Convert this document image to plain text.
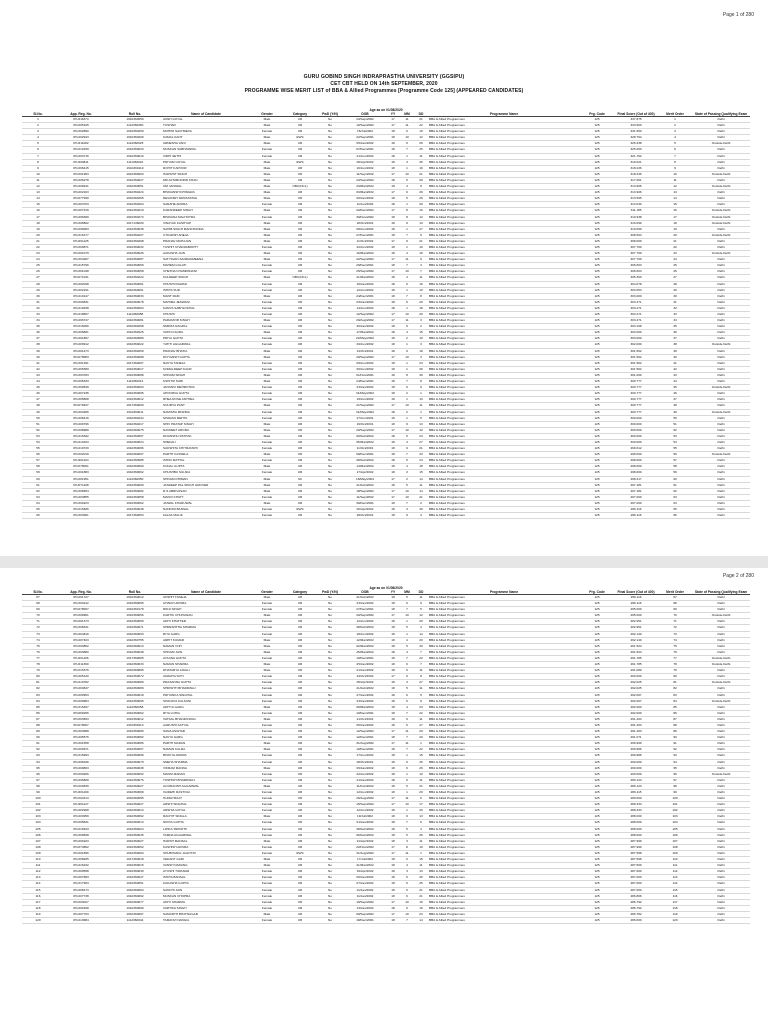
Page 1 of 280
GURU GOBIND SINGH INDRAPRASTHA UNIVERSITY (GGSIPU)
CET CBT HELD ON 14th SEPTEMBER, 2020
PROGRAMME WISE MERIT LIST of BBA & Allied Programmes [Programme Code 125] (APPEARED CANDIDATES)
							Age as on 01/08/2020								
Sl.No.	App. Reg. No.	Roll No.	Name of Candidate	Gender	Category	PwD (Y/N)	DOB	YY	MM	DD	Programme Name	Prg. Code	Final Score (Out of 400)	Merit Order	State of Passing Qualifying Exam
1	IPU211874	1910360059	ANSH GOYAL	Male	UR	No	23/Sep/2002	17	11	21	BBA & Allied Programmes	125	337.875	1	Delhi
2	IPU205165	1112360060	TUSHAR	Male	UR	No	10/Sep/2002	17	11	22	BBA & Allied Programmes	125	333.500	2	Delhi
3	IPU202890	1910360259	MOHINI SACHDEVA	Female	UR	No	15/Jul/2002	18	0	19	BBA & Allied Programmes	125	331.650	3	Delhi
4	IPU202943	1910360209	KAMAL KANT	Male	EWS	No	22/Sep/2001	18	10	12	BBA & Allied Programmes	125	328.764	4	Delhi
5	IPU211082	1112360025	ARNESHA VANI	Male	UR	No	05/Jan/2002	18	6	26	BBA & Allied Programmes	125	325.338	5	Outside Delhi
6	IPU210159	1910360033	MUSKAN SABHARWAL	Female	UR	No	07/Dec/2001	18	7	25	BBA & Allied Programmes	125	325.000	6	Delhi
7	IPU204716	1910360016	VIDHI SETHI	Female	UR	No	21/Jun/2002	18	1	11	BBA & Allied Programmes	125	321.762	7	Delhi
8	IPU209811	1111360022	PRIYAM GOYAL	Male	EWS	No	06/Apr/2002	18	3	26	BBA & Allied Programmes	125	319.621	8	Delhi
9	IPU206415	1910360119	ROHIT KAPOOR	Male	UR	No	16/Jun/2002	18	1	16	BBA & Allied Programmes	125	318.236	9	Delhi
10	IPU201963	1910360093	HARSHIT SINGH	Male	UR	No	11/Sep/2002	17	10	21	BBA & Allied Programmes	125	318.236	10	Outside Delhi
11	IPU206278	1910360027	MD AFTABUDDIN KHAN	Male	UR	No	23/Sep/2002	18	5	29	BBA & Allied Programmes	125	317.061	11	Delhi
12	IPU208241	1910360051	OM JAISWAL	Male	OBC(NCL)	No	23/Mar/2002	18	4	9	BBA & Allied Programmes	125	313.906	12	Outside Delhi
13	IPU202103	1910360224	BHAVANSH DHINGRA	Male	UR	No	03/Mar/2002	17	6	29	BBA & Allied Programmes	125	313.906	13	Delhi
14	IPU077930	1910360265	DEVANSH SRIVASTAVA	Male	UR	No	06/Jan/2002	18	5	26	BBA & Allied Programmes	125	313.595	14	Delhi
15	IPU204703	1910360264	SARAHE ARORA	Female	UR	No	11/Jun/2002	18	1	20	BBA & Allied Programmes	125	313.030	15	Delhi
16	IPU207319	1610360219	KARANDEEP SINGH	Male	UR	No	22/Dec/2002	17	8	10	BBA & Allied Programmes	125	311.185	16	Outside Delhi
17	IPU206399	1910360274	BHAVANA MALHOTRA	Female	UR	No	30/Nov/2002	18	8	12	BBA & Allied Programmes	125	310.938	17	Outside Delhi
18	IPU206802	1917136000	VINAYAK KASHYAP	Male	UR	No	18/Oct/2001	18	9	13	BBA & Allied Programmes	125	310.099	18	Outside Delhi
19	IPU206083	1910360038	SAHIB SINGH MANCHANDA	Male	UR	No	08/Jun/2002	18	1	27	BBA & Allied Programmes	125	310.099	19	Delhi
20	IPU216177	1910360227	UTKARSH ANEJA	Male	UR	No	27/Dec/2001	18	7	5	BBA & Allied Programmes	125	308.594	20	Outside Delhi
21	IPU201125	1910360298	PRANAV MAHAJAN	Male	UR	No	11/Oct/2002	17	9	21	BBA & Allied Programmes	125	308.000	21	Delhi
22	IPU200871	1910360032	TUSHIT CHAKRABORTY	Female	UR	No	22/Jun/2002	18	1	10	BBA & Allied Programmes	125	307.769	22	Delhi
23	IPU201079	1910360026	AAKASHA JAIN	Male	UR	No	16/Mar/2002	18	4	16	BBA & Allied Programmes	125	307.769	23	Outside Delhi
24	IPU204287	1910360087	SATYAVAN SANDANMEENA	Male	UR	No	22/Sep/2002	17	11	9	BBA & Allied Programmes	125	307.769	24	Delhi
25	IPU215796	1910360069	MAHEM GULATI	Female	UR	No	29/Dec/2001	18	7	3	BBA & Allied Programmes	125	306.603	25	Delhi
26	IPU201048	1910360058	CHETNA CHAMPANANI	Female	UR	No	25/Sep/2002	17	10	7	BBA & Allied Programmes	125	306.603	26	Delhi
27	IPU071031	1910360222	KULDEEP SINGH	Male	OBC(NCL)	No	21/Mar/2002	18	4	11	BBA & Allied Programmes	125	305.300	27	Delhi
28	IPU202048	1910360061	KHUSHI RAWAR	Female	UR	No	16/Jan/2002	18	6	16	BBA & Allied Programmes	125	304.078	28	Delhi
29	IPU202191	1910360001	ISHITA SUD	Female	UR	No	12/Jun/2002	18	1	10	BBA & Allied Programmes	125	303.653	29	Delhi
30	IPU210147	1910360033	MANT RAM	Male	UR	No	24/Dec/2001	18	7	8	BBA & Allied Programmes	125	303.000	30	Delhi
31	IPU209831	1910360078	MAHIMA JESWANI	Female	UR	No	03/Jan/2002	18	6	29	BBA & Allied Programmes	125	303.271	31	Delhi
32	IPU210938	1910360093	KAMYA SABHLOKHAL	Female	UR	No	14/Jun/2002	18	1	18	BBA & Allied Programmes	125	303.271	32	Delhi
33	IPU218657	1111360058	KHUSHI	Female	UR	No	12/Sep/2002	17	10	20	BBA & Allied Programmes	125	303.271	33	Delhi
34	IPU206747	1910360081	PARAMVIR SINGH	Male	UR	No	29/Aug/2002	17	11	3	BBA & Allied Programmes	125	303.271	34	Delhi
35	IPU216066	1910360298	SMRITA NAGPAL	Female	UR	No	30/Jan/2002	18	6	2	BBA & Allied Programmes	125	303.108	35	Delhi
36	IPU206861	1910360225	VATIN KAURA	Male	UR	No	17/Mar/2002	18	4	15	BBA & Allied Programmes	125	303.000	36	Delhi
37	IPU201867	1910360089	PRIYA GUPTA	Female	UR	No	22/May/2002	18	2	10	BBA & Allied Programmes	125	303.000	37	Delhi
38	IPU209912	1910360022	YATITI AGGARWAL	Female	UR	No	29/Jun/2002	18	1	3	BBA & Allied Programmes	125	302.000	38	Outside Delhi
39	IPU201473	1910360259	PRANAV BHATIA	Male	UR	No	14/Oct/2001	18	9	18	BBA & Allied Programmes	125	301.562	39	Delhi
40	IPU078083	1910360088	DIVYANSH GUPTA	Male	UR	No	29/Sep/2002	17	10	3	BBA & Allied Programmes	125	301.562	40	Delhi
41	IPU201391	1917360067	NAVYA TANEJA	Female	UR	No	09/Jun/2002	18	1	23	BBA & Allied Programmes	125	301.562	41	Delhi
42	IPU205380	1910360017	KOMALDEEP KAUR	Female	UR	No	06/Jun/2002	18	1	26	BBA & Allied Programmes	125	301.562	42	Delhi
43	IPU203783	1910360088	SHIVAM SINGH	Male	UR	No	01/Nov/2001	18	8	30	BBA & Allied Programmes	125	301.000	43	Delhi
44	IPU205333	1111360014	KSHITIZ SURI	Male	UR	No	24/Dec/2001	18	7	8	BBA & Allied Programmes	125	300.777	44	Delhi
45	IPU200549	1910360093	JAHANVI MEHROTRA	Female	UR	No	23/Jan/2002	18	6	9	BBA & Allied Programmes	125	300.777	45	Outside Delhi
46	IPU207235	1910360095	APOORVA GUPTA	Female	UR	No	31/May/2002	18	2	1	BBA & Allied Programmes	125	300.777	46	Delhi
47	IPU205868	1910360012	RHEA ROSE ANTHEA	Female	UR	No	19/Jun/2002	18	1	13	BBA & Allied Programmes	125	300.777	47	Delhi
48	IPU078437	1917360009	SOUMYA PANT	Male	UR	No	21/Sep/2002	17	10	11	BBA & Allied Programmes	125	300.777	48	Delhi
49	IPU203486	1910360011	NAMISHA MISHRA	Female	UR	No	31/May/2002	18	2	1	BBA & Allied Programmes	125	300.777	49	Outside Delhi
50	IPU206416	1910360244	SHARAN MEHTA	Female	UR	No	27/Jun/2001	19	1	5	BBA & Allied Programmes	125	300.000	50	Delhi
51	IPU209796	1910360217	SHIV PRATAP SINGH	Male	UR	No	19/Oct/2001	18	9	13	BBA & Allied Programmes	125	300.000	51	Delhi
52	IPU208989	1910360075	NAVNEET ARORA	Male	UR	No	20/Sep/2002	17	10	12	BBA & Allied Programmes	125	300.000	52	Delhi
53	IPU216302	1910360067	DIVANSHU PATHAK	Male	UR	No	09/Feb/2002	18	5	23	BBA & Allied Programmes	125	300.000	53	Delhi
54	IPU210163	1910360024	SHEFALI	Female	UR	No	05/Mar/2002	18	4	27	BBA & Allied Programmes	125	300.000	54	Delhi
55	IPU219729	1910360096	SAKSHITA CHITRANSHI	Female	UR	No	11/Oct/2001	18	9	21	BBA & Allied Programmes	125	299.612	55	Delhi
56	IPU202019	1910360007	PARTH CASSELA	Male	UR	No	09/Dec/2001	18	7	23	BBA & Allied Programmes	125	299.000	56	Outside Delhi
57	IPU201104	1910360085	ISHIKI MATTAL	Female	UR	No	08/Feb/2002	18	5	24	BBA & Allied Programmes	125	298.000	57	Delhi
58	IPU078001	1910360060	KUNAL GUPTA	Male	UR	No	14/Mar/2002	18	4	18	BBA & Allied Programmes	125	298.000	58	Delhi
59	IPU201883	1910360062	KHUSHBU SULNIA	Female	UR	No	17/Apr/2002	18	3	15	BBA & Allied Programmes	125	298.000	59	Delhi
60	IPU201951	1112360050	SHIVAM DHIMAN	Male	SC	No	18/May/2003	17	2	14	BBA & Allied Programmes	125	298.417	60	Delhi
61	IPU071108	1910360009	JASDEEP PAL SINGH GROVER	Male	UR	No	21/Feb/2002	18	5	11	BBA & Allied Programmes	125	297.181	61	Delhi
62	IPU206654	1910360082	R.S.ABRIVASAN	Male	UR	No	18/Sep/2002	17	10	14	BBA & Allied Programmes	125	297.181	62	Delhi
63	IPU203855	1910360058	MANVI KHATT	Female	UR	No	11/Sep/2002	17	10	21	BBA & Allied Programmes	125	297.000	63	Delhi
64	IPU200223	1910360062	JAIWAL KHARUWAL	Male	UR	No	30/Dec/2001	18	7	2	BBA & Allied Programmes	125	297.000	64	Delhi
65	IPU215486	1910360048	NANDINI BANSAL	Female	EWS	No	02/Apr/2002	18	3	30	BBA & Allied Programmes	125	296.116	65	Delhi
66	IPU203961	1917360053	FALAK MALIK	Female	UR	No	29/Oct/2001	18	9	3	BBA & Allied Programmes	125	296.116	66	Delhi
Page 2 of 280
							Age as on 01/08/2020								
Sl.No.	App. Reg. No.	Roll No.	Name of Candidate	Gender	Category	PwD (Y/N)	DOB	YY	MM	DD	Programme Name	Prg. Code	Final Score (Out of 400)	Merit Order	State of Passing Qualifying Exam
67	IPU201727	1910360012	AKSHIT TANEJA	Male	UR	No	21/Feb/2002	18	5	11	BBA & Allied Programmes	125	296.116	67	Delhi
68	IPU203212	1910360065	CHARVI ARORA	Female	UR	No	23/Jan/2002	18	6	9	BBA & Allied Programmes	125	296.116	68	Delhi
69	IPU078007	1910360178	RIDJI SINGH	Female	UR	No	27/Dec/2001	18	7	5	BBA & Allied Programmes	125	295.000	69	Delhi
70	IPU209961	1910360056	KARTIK CHUHANAN	Male	UR	No	20/Sep/2002	17	10	12	BBA & Allied Programmes	125	295.000	70	Outside Delhi
71	IPU201373	1910360059	ADITI KHATTER	Female	UR	No	12/Jun/2002	18	1	20	BBA & Allied Programmes	125	292.951	71	Delhi
72	IPU206541	1910360071	SHRESHTHA SHARMA	Female	UR	No	28/Feb/2002	18	5	4	BBA & Allied Programmes	125	292.951	72	Delhi
73	IPU204816	1910360093	RIYA GARG	Female	UR	No	18/Jun/2002	18	1	14	BBA & Allied Programmes	125	292.140	73	Delhi
74	IPU207403	1910360755	ARPIT KUMAR	Male	UR	No	12/Mar/2002	18	4	20	BBA & Allied Programmes	125	292.140	74	Delhi
75	IPU203852	1910360013	NAMAN VIJH	Male	UR	No	02/Mar/2002	18	5	30	BBA & Allied Programmes	125	291.524	75	Delhi
76	IPU203880	1910360048	SHIVAM JAIN	Male	UR	No	25/Mar/2002	18	4	7	BBA & Allied Programmes	125	291.524	76	Delhi
77	IPU201106	1917360005	AYAANA GUPTA	Female	UR	No	10/Dec/2001	18	7	22	BBA & Allied Programmes	125	291.785	77	Outside Delhi
78	IPU211369	1910360033	NAMAN SHARMA	Male	UR	No	25/Jan/2002	18	6	7	BBA & Allied Programmes	125	291.785	78	Outside Delhi
79	IPU215376	1910360895	DHATARYA JAVALI	Male	UR	No	21/Jan/2002	18	6	11	BBA & Allied Programmes	125	291.089	79	Delhi
80	IPU205130	1910360072	ANAMYA SOTI	Female	UR	No	24/Oct/2002	17	9	8	BBA & Allied Programmes	125	290.000	80	Delhi
81	IPU210782	1910360089	PRASANNA GUPTA	Female	UR	No	05/Apr/2002	18	3	27	BBA & Allied Programmes	125	292.025	81	Outside Delhi
82	IPU203847	1910360080	SHRISHTI BHARDWAJ	Female	UR	No	21/Feb/2002	18	5	11	BBA & Allied Programmes	125	292.025	82	Delhi
83	IPU200953	1910360018	PRIYANKA SINGHAL	Female	UR	No	27/Jan/2002	18	6	5	BBA & Allied Programmes	125	292.067	83	Delhi
84	IPU209984	1910360095	SHANAYA KALKANI	Female	UR	No	23/Jan/2002	18	6	9	BBA & Allied Programmes	125	292.067	84	Outside Delhi
85	IPU215497	1112360058	ADITYA GARG	Male	UR	No	09/Mar/2002	18	4	23	BBA & Allied Programmes	125	292.000	85	Delhi
86	IPU069256	1910360062	RIYA LOHIA	Female	UR	No	10/Dec/2001	18	7	22	BBA & Allied Programmes	125	292.000	86	Delhi
87	IPU203563	1910360012	VATSAL BHANDUSING	Male	UR	No	21/Oct/2001	18	9	11	BBA & Allied Programmes	125	291.203	87	Delhi
88	IPU078007	1910360113	AARUSHI KATYAL	Female	UR	No	05/Jan/2002	18	6	27	BBA & Allied Programmes	125	291.203	88	Delhi
89	IPU204688	1910360089	SANA ASGHAR	Female	UR	No	12/Sep/2002	17	11	20	BBA & Allied Programmes	125	291.203	89	Delhi
90	IPU206576	1910360082	NAVYA GARG	Female	UR	No	12/Dec/2001	18	7	20	BBA & Allied Programmes	125	291.071	90	Delhi
91	IPU201558	1910360086	PARTH MADAN	Male	UR	No	31/Aug/2002	17	11	1	BBA & Allied Programmes	125	290.999	91	Delhi
92	IPU200971	1910360067	NAMAN KALRA	Male	UR	No	10/Dec/2001	18	7	22	BBA & Allied Programmes	125	290.986	92	Delhi
93	IPU215993	1910360096	BHAVYA ARORA	Female	UR	No	17/Jun/2002	18	1	15	BBA & Allied Programmes	125	290.986	93	Delhi
94	IPU208196	1910360079	SNEHA SHARMA	Female	UR	No	06/Oct/2001	18	9	26	BBA & Allied Programmes	125	290.000	94	Delhi
95	IPU209803	1910360038	VIKRAM MANNA	Male	UR	No	06/Jan/2002	18	6	26	BBA & Allied Programmes	125	290.000	95	Delhi
96	IPU209266	1910360002	MANSI MADAN	Female	UR	No	22/Jun/2002	18	1	10	BBA & Allied Programmes	125	290.000	96	Outside Delhi
97	IPU206808	1910360076	TOSHISH BHARDWAJ	Female	UR	No	21/Jan/2002	18	6	11	BBA & Allied Programmes	125	289.123	97	Delhi
98	IPU200639	1910360027	GOURANSH AGGARWAL	Male	UR	No	11/Feb/2002	18	5	21	BBA & Allied Programmes	125	289.123	98	Delhi
99	IPU201169	1910360068	VAIDEHI RASTOGI	Female	UR	No	12/Jun/2002	18	1	20	BBA & Allied Programmes	125	289.115	99	Delhi
100	IPU203413	1910360055	HUMAYRAAT	Female	UR	No	26/Aug/2002	17	11	6	BBA & Allied Programmes	125	289.000	100	Delhi
101	IPU201127	1910360027	ARSHI SINGHAL	Female	UR	No	15/Sep/2002	17	10	17	BBA & Allied Programmes	125	288.333	101	Delhi
102	IPU202908	1910360013	ARSHIA GOYAL	Female	UR	No	12/Jun/2002	18	1	20	BBA & Allied Programmes	125	288.333	102	Delhi
103	IPU203959	1910360062	RACHIT SINGLA	Male	UR	No	19/Jul/2002	18	0	13	BBA & Allied Programmes	125	288.000	103	Delhi
104	IPU205841	1910360013	NIKITA GUPTA	Female	UR	No	01/Jan/2002	18	7	0	BBA & Allied Programmes	125	288.000	104	Delhi
105	IPU216943	1910360024	LIPIKA TRIPATHI	Female	UR	No	28/Feb/2002	18	5	4	BBA & Allied Programmes	125	288.000	105	Delhi
106	IPU200848	1910360045	TAMNA AGGARWAL	Female	UR	No	06/Feb/2002	18	5	26	BBA & Allied Programmes	125	288.000	106	Delhi
107	IPU200103	1910360027	HARSH MANSAL	Male	UR	No	21/Apr/2002	18	3	11	BBA & Allied Programmes	125	287.999	107	Delhi
108	IPU074862	1910360052	KASHISH ARORA	Female	UR	No	22/Nov/2002	17	8	10	BBA & Allied Programmes	125	287.999	108	Delhi
109	IPU201896	1910360093	SHUBHANGI JAGOTRI	Female	EWS	No	31/Aug/2002	17	11	1	BBA & Allied Programmes	125	287.598	109	Delhi
110	IPU208205	1917360018	VEDANT GARI	Male	UR	No	17/Jul/2002	18	0	15	BBA & Allied Programmes	125	287.598	110	Delhi
111	IPU216232	1910360015	VANSH NARANG	Male	UR	No	21/Mar/2002	18	4	11	BBA & Allied Programmes	125	287.500	111	Delhi
112	IPU200558	1910360030	AYUSHI TIWANAR	Female	UR	No	19/Apr/2002	18	3	13	BBA & Allied Programmes	125	287.000	112	Delhi
113	IPU207683	1910360047	ISHITA BANSAL	Female	UR	No	06/Jan/2002	18	6	26	BBA & Allied Programmes	125	287.000	113	Delhi
114	IPU217903	1910360051	KAKASHA GUPTA	Female	UR	No	07/Jan/2002	18	6	25	BBA & Allied Programmes	125	287.000	114	Delhi
115	IPU208173	1910360093	SANCHI JAIN	Female	UR	No	11/Jan/2002	18	6	21	BBA & Allied Programmes	125	287.000	115	Delhi
116	IPU207738	1910360062	MUSKAN CHOPRA	Female	UR	No	11/Jan/2002	18	6	21	BBA & Allied Programmes	125	286.806	116	Delhi
117	IPU203027	1910360077	ADITI SHARMA	Female	UR	No	16/Sep/2002	17	10	16	BBA & Allied Programmes	125	286.792	117	Delhi
118	IPU200168	1910360099	VARTIKA SINGH	Female	UR	No	13/Jan/2002	18	6	19	BBA & Allied Programmes	125	286.792	118	Delhi
119	IPU207703	1910360097	SAMARTH BHATNAGAR	Male	UR	No	09/Sep/2002	17	10	23	BBA & Allied Programmes	125	286.782	119	Delhi
120	IPU210984	1112360044	TAMANVI NANGIA	Female	UR	No	18/Dec/2001	18	7	14	BBA & Allied Programmes	125	286.000	120	Delhi
